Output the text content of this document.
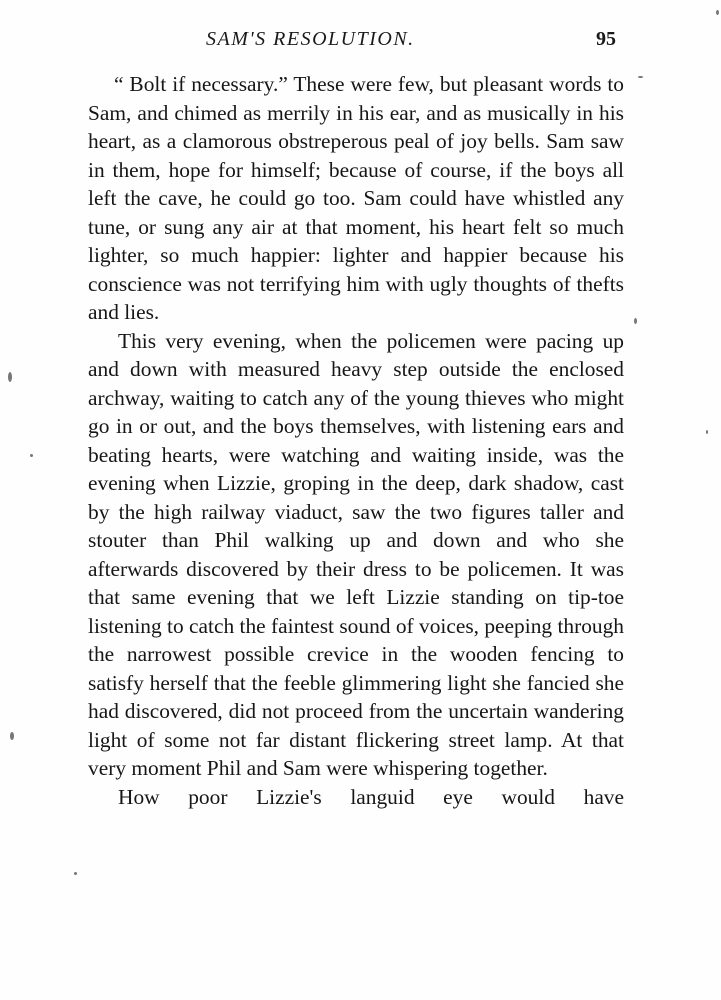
SAM'S RESOLUTION.	95

“ Bolt if necessary.” These were few, but pleasant words to Sam, and chimed as merrily in his ear, and as musically in his heart, as a clamorous obstreperous peal of joy bells. Sam saw in them, hope for himself; because of course, if the boys all left the cave, he could go too. Sam could have whistled any tune, or sung any air at that moment, his heart felt so much lighter, so much happier: lighter and happier because his conscience was not terrifying him with ugly thoughts of thefts and lies.

This very evening, when the policemen were pacing up and down with measured heavy step outside the enclosed archway, waiting to catch any of the young thieves who might go in or out, and the boys themselves, with listening ears and beating hearts, were watching and waiting inside, was the evening when Lizzie, groping in the deep, dark shadow, cast by the high railway viaduct, saw the two figures taller and stouter than Phil walking up and down and who she afterwards discovered by their dress to be policemen. It was that same evening that we left Lizzie standing on tip-toe listening to catch the faintest sound of voices, peeping through the narrowest possible crevice in the wooden fencing to satisfy herself that the feeble glimmering light she fancied she had discovered, did not proceed from the uncertain wandering light of some not far distant flickering street lamp. At that very moment Phil and Sam were whispering together.

How poor Lizzie's languid eye would have
